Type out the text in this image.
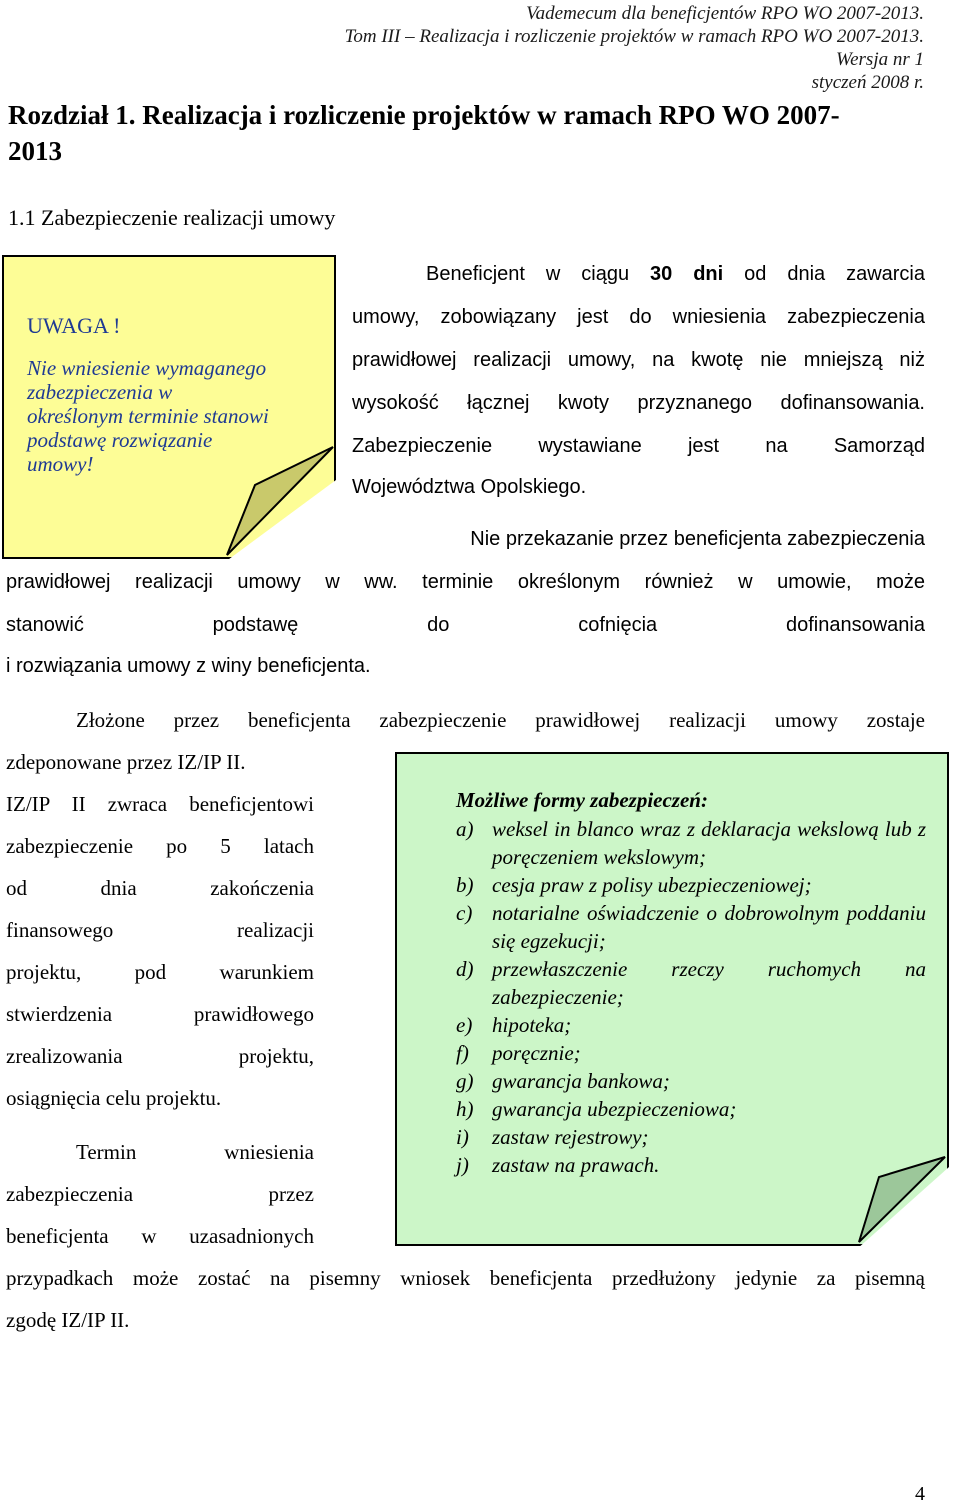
Vademecum dla beneficjentów RPO WO 2007-2013.
Tom III – Realizacja i rozliczenie projektów w ramach RPO WO 2007-2013.
Wersja nr 1
styczeń 2008 r.
Rozdział 1. Realizacja i rozliczenie projektów w ramach RPO WO 2007-
2013
1.1 Zabezpieczenie realizacji umowy
UWAGA !
Nie wniesienie wymaganego
zabezpieczenia w
określonym terminie stanowi
podstawę rozwiązanie
umowy!
Beneficjent w ciągu 30 dni od dnia zawarcia
umowy, zobowiązany jest do wniesienia zabezpieczenia
prawidłowej realizacji umowy, na kwotę nie mniejszą niż
wysokość łącznej kwoty przyznanego dofinansowania.
Zabezpieczenie wystawiane jest na Samorząd
Województwa Opolskiego.
Nie przekazanie przez beneficjenta zabezpieczenia
prawidłowej realizacji umowy w ww. terminie określonym również w umowie, może
stanowić podstawę do cofnięcia dofinansowania
i rozwiązania umowy z winy beneficjenta.
Złożone przez beneficjenta zabezpieczenie prawidłowej realizacji umowy zostaje
zdeponowane przez IZ/IP II.
IZ/IP II zwraca beneficjentowi
zabezpieczenie po 5 latach
od dnia zakończenia
finansowego realizacji
projektu, pod warunkiem
stwierdzenia prawidłowego
zrealizowania projektu,
osiągnięcia celu projektu.
Termin wniesienia
zabezpieczenia przez
beneficjenta w uzasadnionych
przypadkach może zostać na pisemny wniosek beneficjenta przedłużony jedynie za pisemną
zgodę IZ/IP II.
Możliwe formy zabezpieczeń:
a) weksel in blanco wraz z deklaracja wekslową lub z poręczeniem wekslowym;
b) cesja praw z polisy ubezpieczeniowej;
c) notarialne oświadczenie o dobrowolnym poddaniu się egzekucji;
d) przewłaszczenie rzeczy ruchomych na zabezpieczenie;
e) hipoteka;
f) poręcznie;
g) gwarancja bankowa;
h) gwarancja ubezpieczeniowa;
i) zastaw rejestrowy;
j) zastaw na prawach.
4
